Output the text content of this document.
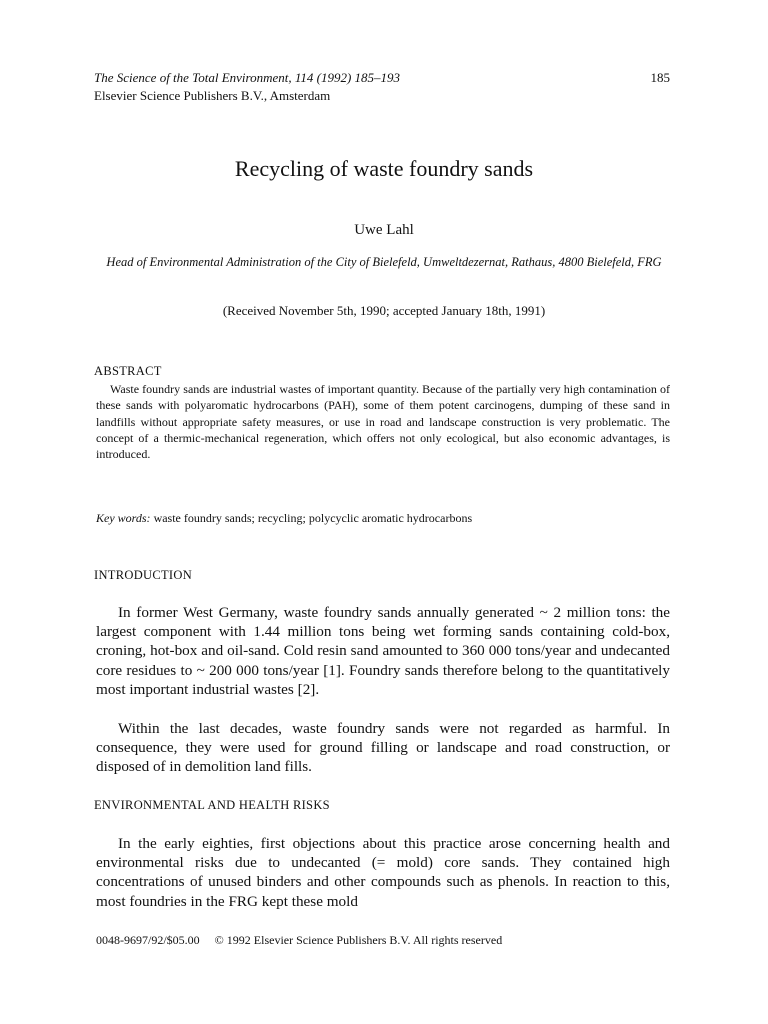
The Science of the Total Environment, 114 (1992) 185–193
Elsevier Science Publishers B.V., Amsterdam
185
Recycling of waste foundry sands
Uwe Lahl
Head of Environmental Administration of the City of Bielefeld, Umweltdezernat, Rathaus, 4800 Bielefeld, FRG
(Received November 5th, 1990; accepted January 18th, 1991)
ABSTRACT

Waste foundry sands are industrial wastes of important quantity. Because of the partially very high contamination of these sands with polyaromatic hydrocarbons (PAH), some of them potent carcinogens, dumping of these sand in landfills without appropriate safety measures, or use in road and landscape construction is very problematic. The concept of a thermic-mechanical regeneration, which offers not only ecological, but also economic advantages, is introduced.

Key words: waste foundry sands; recycling; polycyclic aromatic hydrocarbons
INTRODUCTION

In former West Germany, waste foundry sands annually generated ~ 2 million tons: the largest component with 1.44 million tons being wet forming sands containing cold-box, croning, hot-box and oil-sand. Cold resin sand amounted to 360 000 tons/year and undecanted core residues to ~ 200 000 tons/year [1]. Foundry sands therefore belong to the quantitatively most important industrial wastes [2].

Within the last decades, waste foundry sands were not regarded as harmful. In consequence, they were used for ground filling or landscape and road construction, or disposed of in demolition land fills.

ENVIRONMENTAL AND HEALTH RISKS

In the early eighties, first objections about this practice arose concerning health and environmental risks due to undecanted (= mold) core sands. They contained high concentrations of unused binders and other compounds such as phenols. In reaction to this, most foundries in the FRG kept these mold

0048-9697/92/$05.00 © 1992 Elsevier Science Publishers B.V. All rights reserved
